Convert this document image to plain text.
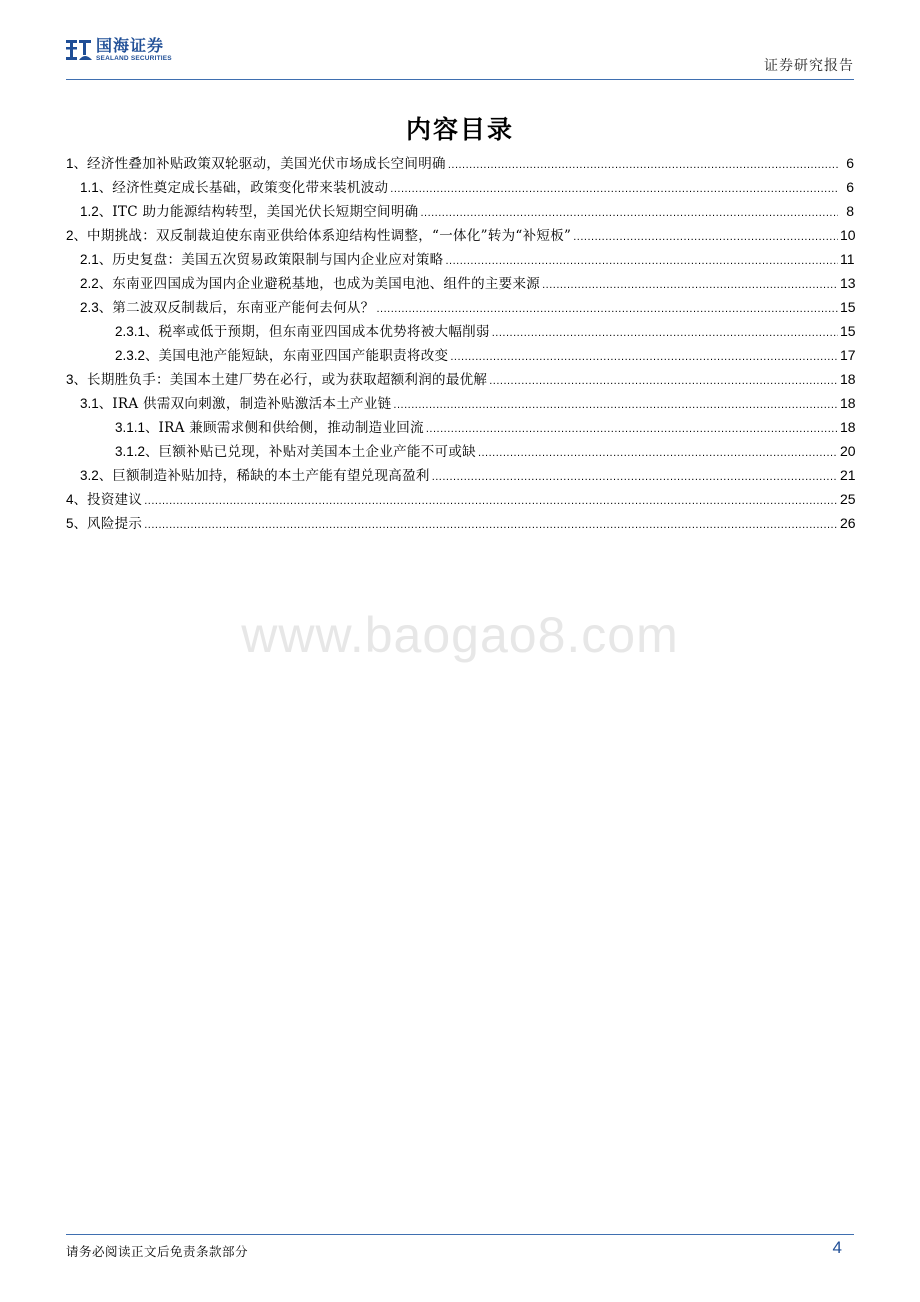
国海证券
SEALAND SECURITIES	证券研究报告
内容目录
1、 经济性叠加补贴政策双轮驱动，美国光伏市场成长空间明确 .....	6
1.1、 经济性奠定成长基础，政策变化带来装机波动 .....	6
1.2、 ITC 助力能源结构转型，美国光伏长短期空间明确 .....	8
2、 中期挑战：双反制裁迫使东南亚供给体系迎结构性调整，“一体化”转为“补短板” .....	10
2.1、 历史复盘：美国五次贸易政策限制与国内企业应对策略 .....	11
2.2、 东南亚四国成为国内企业避税基地，也成为美国电池、组件的主要来源 .....	13
2.3、 第二波双反制裁后，东南亚产能何去何从？ .....	15
2.3.1、 税率或低于预期，但东南亚四国成本优势将被大幅削弱 .....	15
2.3.2、 美国电池产能短缺，东南亚四国产能职责将改变 .....	17
3、 长期胜负手：美国本土建厂势在必行，或为获取超额利润的最优解 .....	18
3.1、 IRA 供需双向刺激，制造补贴激活本土产业链 .....	18
3.1.1、 IRA 兼顾需求侧和供给侧，推动制造业回流 .....	18
3.1.2、 巨额补贴已兑现，补贴对美国本土企业产能不可或缺 .....	20
3.2、 巨额制造补贴加持，稀缺的本土产能有望兑现高盈利 .....	21
4、 投资建议 .....	25
5、 风险提示 .....	26
www.baogao8.com
请务必阅读正文后免责条款部分	4
